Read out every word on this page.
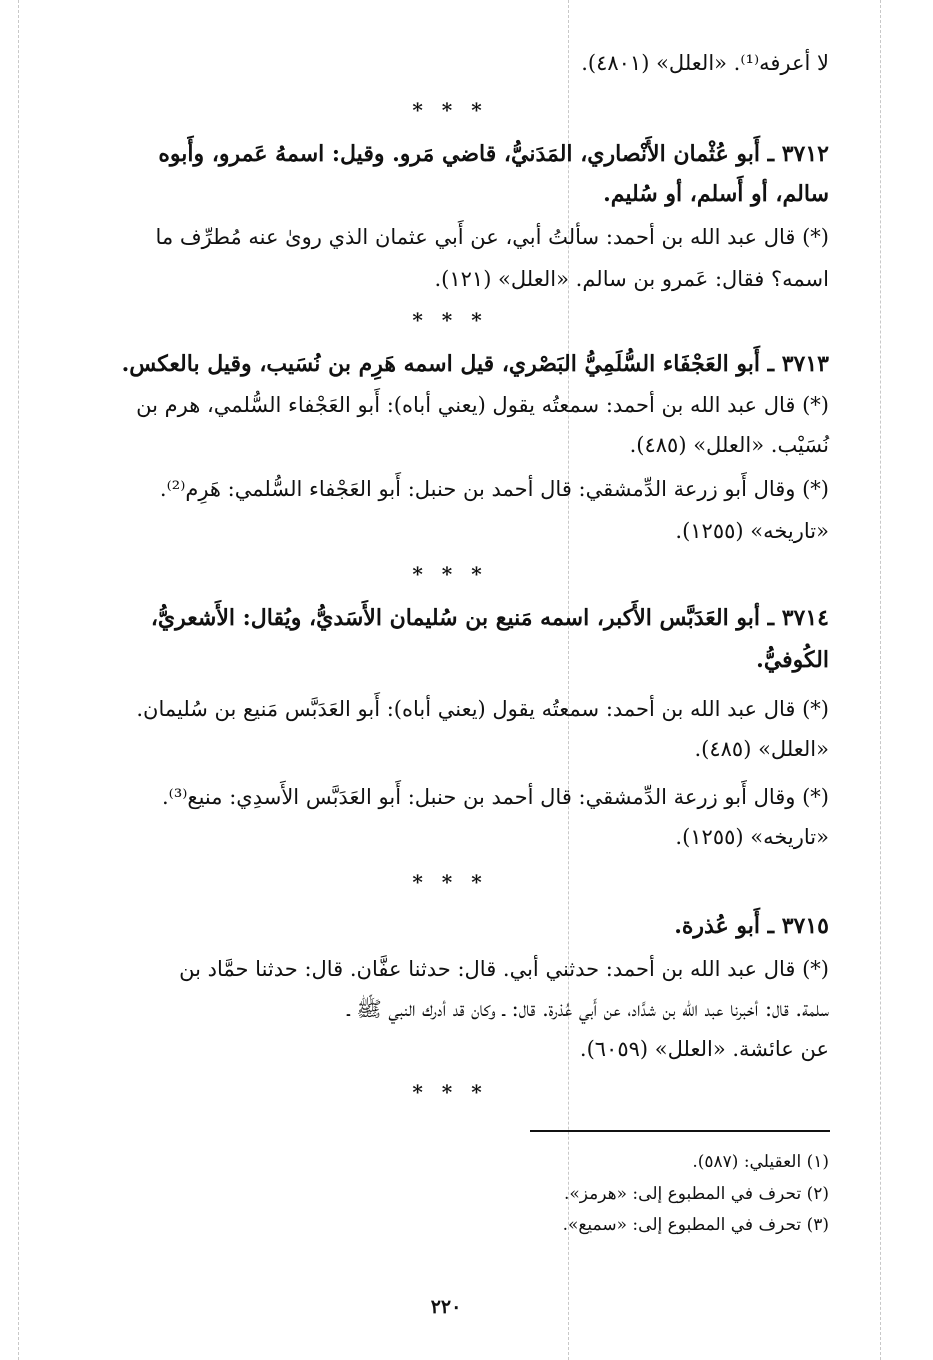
لا أعرفه⁽¹⁾. «العلل» (٤٨٠١).
* * *
٣٧١٢ ـ أَبو عُثْمان الأَنْصاري، المَدَنيُّ، قاضي مَرو. وقيل: اسمهُ عَمرو، وأَبوه
سالم، أو أَسلم، أو سُليم.
(*) قال عبد الله بن أحمد: سألتُ أبي، عن أَبي عثمان الذي روىٰ عنه مُطرِّف ما
اسمه؟ فقال: عَمرو بن سالم. «العلل» (١٢١).
* * *
٣٧١٣ ـ أَبو العَجْفَاء السُّلَمِيُّ البَصْري، قيل اسمه هَرِم بن نُسَيب، وقيل بالعكس.
(*) قال عبد الله بن أحمد: سمعتُه يقول (يعني أباه): أَبو العَجْفاء السُّلمي، هرم بن
نُسَيْب. «العلل» (٤٨٥).
(*) وقال أَبو زرعة الدِّمشقي: قال أحمد بن حنبل: أَبو العَجْفاء السُّلمي: هَرِم⁽²⁾.
«تاريخه» (١٢٥٥).
* * *
٣٧١٤ ـ أبو العَدَبَّس الأَكبر، اسمه مَنيع بن سُليمان الأَسَديُّ، ويُقال: الأَشعريُّ،
الكُوفيُّ.
(*) قال عبد الله بن أحمد: سمعتُه يقول (يعني أباه): أَبو العَدَبَّس مَنيع بن سُليمان.
«العلل» (٤٨٥).
(*) وقال أَبو زرعة الدِّمشقي: قال أحمد بن حنبل: أَبو العَدَبَّس الأَسدِي: منيع⁽³⁾.
«تاريخه» (١٢٥٥).
* * *
٣٧١٥ ـ أَبو عُذرة.
(*) قال عبد الله بن أحمد: حدثني أبي. قال: حدثنا عفَّان. قال: حدثنا حمَّاد بن
سلمة. قال: أخبرنا عبد الله بن شدَّاد، عن أَبي عُذرة. قال: ـ وكان قد أدرك النبي ﷺ ـ
عن عائشة. «العلل» (٦٠٥٩).
* * *
(١) العقيلي: (٥٨٧).
(٢) تحرف في المطبوع إلى: «هرمز».
(٣) تحرف في المطبوع إلى: «سميع».
٢٢٠
